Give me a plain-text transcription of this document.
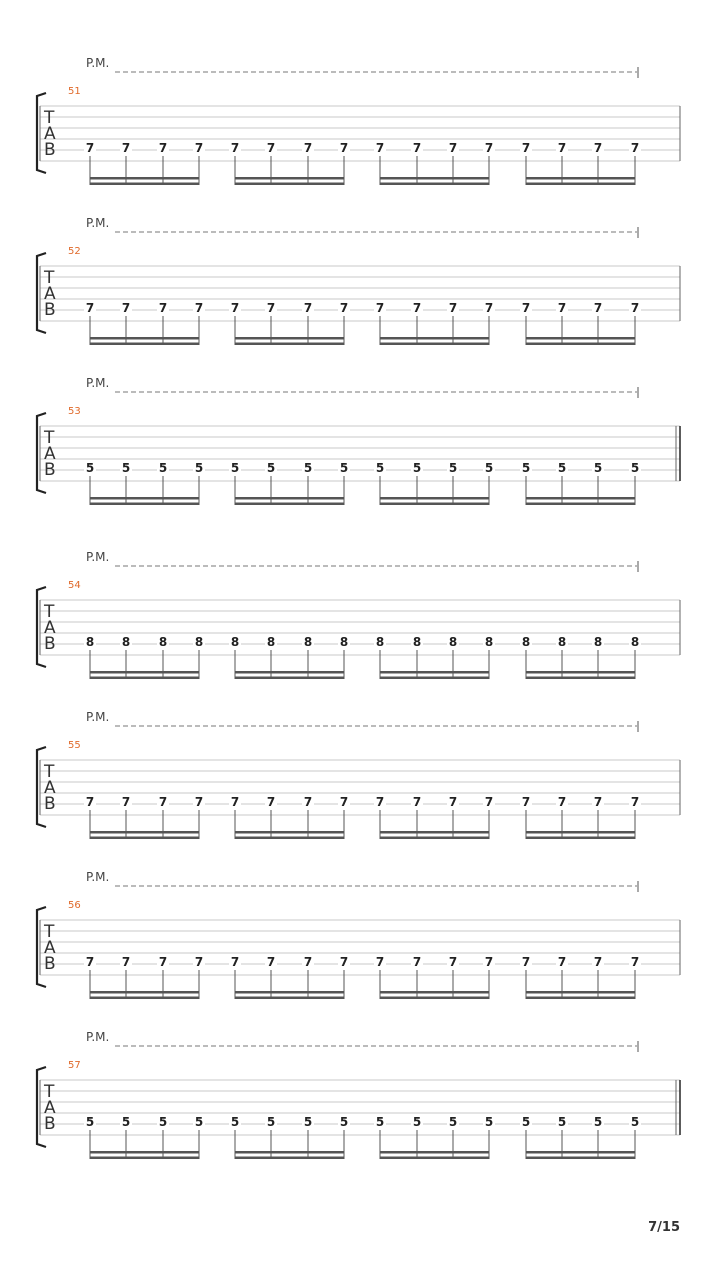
P.M.
51
T
A
B	7 7 7 7 7 7 7 7 7 7 7 7 7 7 7 7
P.M.
52
T
A
B	7 7 7 7 7 7 7 7 7 7 7 7 7 7 7 7
P.M.
53
T
A
B	5 5 5 5 5 5 5 5 5 5 5 5 5 5 5 5
P.M.
54
T
A
B	8 8 8 8 8 8 8 8 8 8 8 8 8 8 8 8
P.M.
55
T
A
B	7 7 7 7 7 7 7 7 7 7 7 7 7 7 7 7
P.M.
56
T
A
B	7 7 7 7 7 7 7 7 7 7 7 7 7 7 7 7
P.M.
57
T
A
B	5 5 5 5 5 5 5 5 5 5 5 5 5 5 5 5
7/15
